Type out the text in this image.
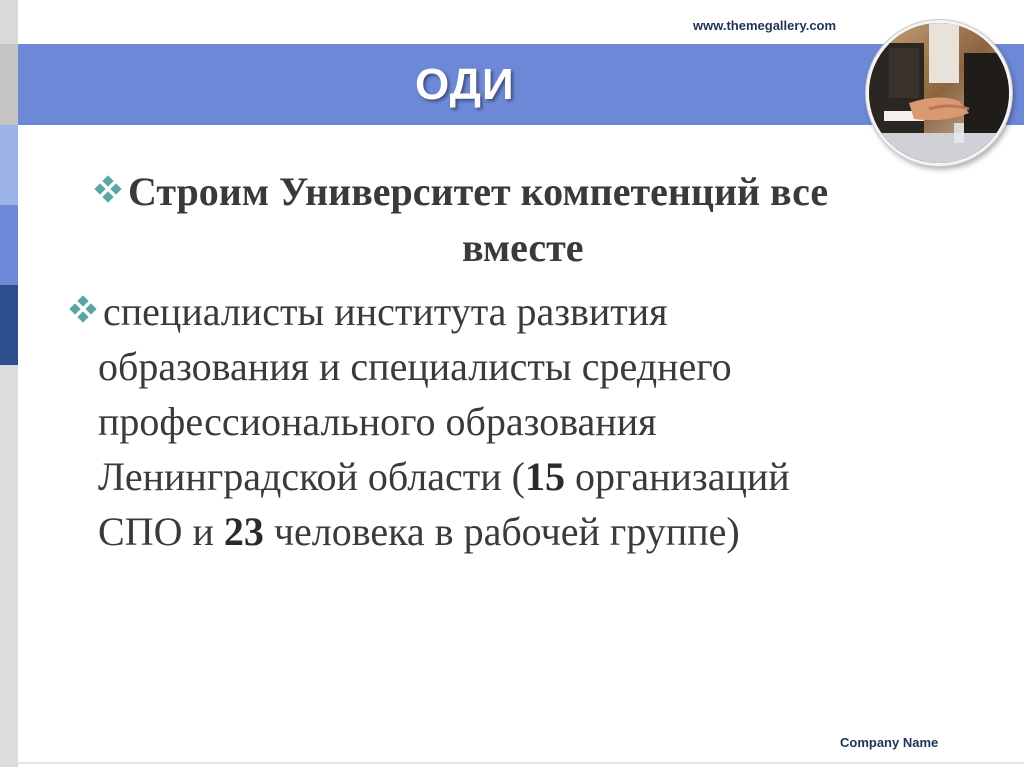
ОДИ
www.themegallery.com
Строим Университет компетенций все
вместе
специалисты института развития
образования и специалисты среднего
профессионального образования
Ленинградской области (15 организаций
СПО и 23 человека в рабочей группе)
Company Name
